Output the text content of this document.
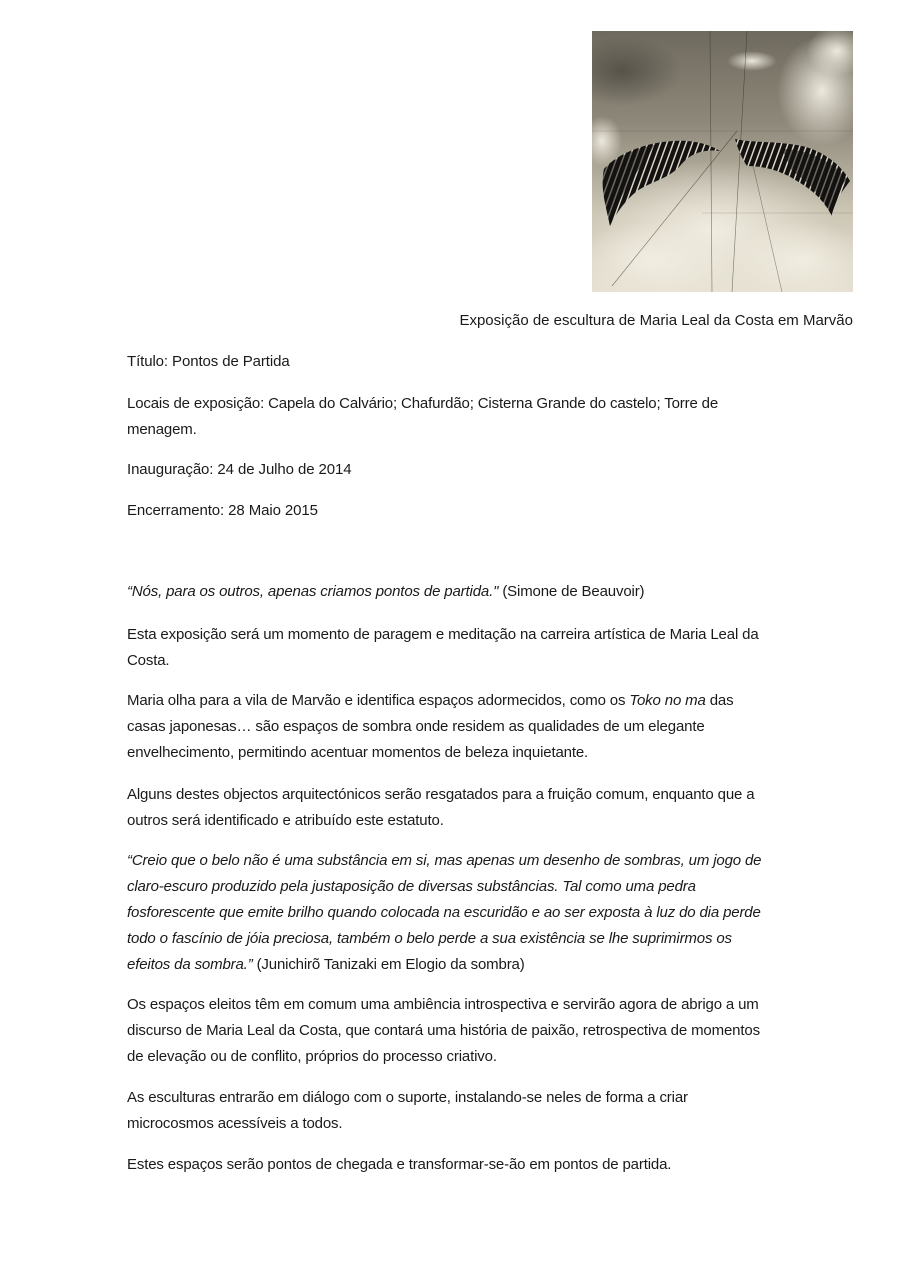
Exposição de escultura de Maria Leal da Costa em Marvão
Título: Pontos de Partida
Locais de exposição: Capela do Calvário; Chafurdão; Cisterna Grande do castelo; Torre de
menagem.
Inauguração: 24 de Julho de 2014
Encerramento: 28 Maio 2015
“Nós, para os outros, apenas criamos pontos de partida." (Simone de Beauvoir)
Esta exposição será um momento de paragem e meditação na carreira artística de Maria Leal da
Costa.
Maria olha para a vila de Marvão e identifica espaços adormecidos, como os Toko no ma das
casas japonesas… são espaços de sombra onde residem as qualidades de um elegante
envelhecimento, permitindo acentuar momentos de beleza inquietante.
Alguns destes objectos arquitectónicos serão resgatados para a fruição comum, enquanto que a
outros será identificado e atribuído este estatuto.
“Creio que o belo não é uma substância em si, mas apenas um desenho de sombras, um jogo de
claro-escuro produzido pela justaposição de diversas substâncias. Tal como uma pedra
fosforescente que emite brilho quando colocada na escuridão e ao ser exposta à luz do dia perde
todo o fascínio de jóia preciosa, também o belo perde a sua existência se lhe suprimirmos os
efeitos da sombra.” (Junichirõ Tanizaki em Elogio da sombra)
Os espaços eleitos têm em comum uma ambiência introspectiva e servirão agora de abrigo a um
discurso de Maria Leal da Costa, que contará uma história de paixão, retrospectiva de momentos
de elevação ou de conflito, próprios do processo criativo.
As esculturas entrarão em diálogo com o suporte, instalando-se neles de forma a criar
microcosmos acessíveis a todos.
Estes espaços serão pontos de chegada e transformar-se-ão em pontos de partida.
